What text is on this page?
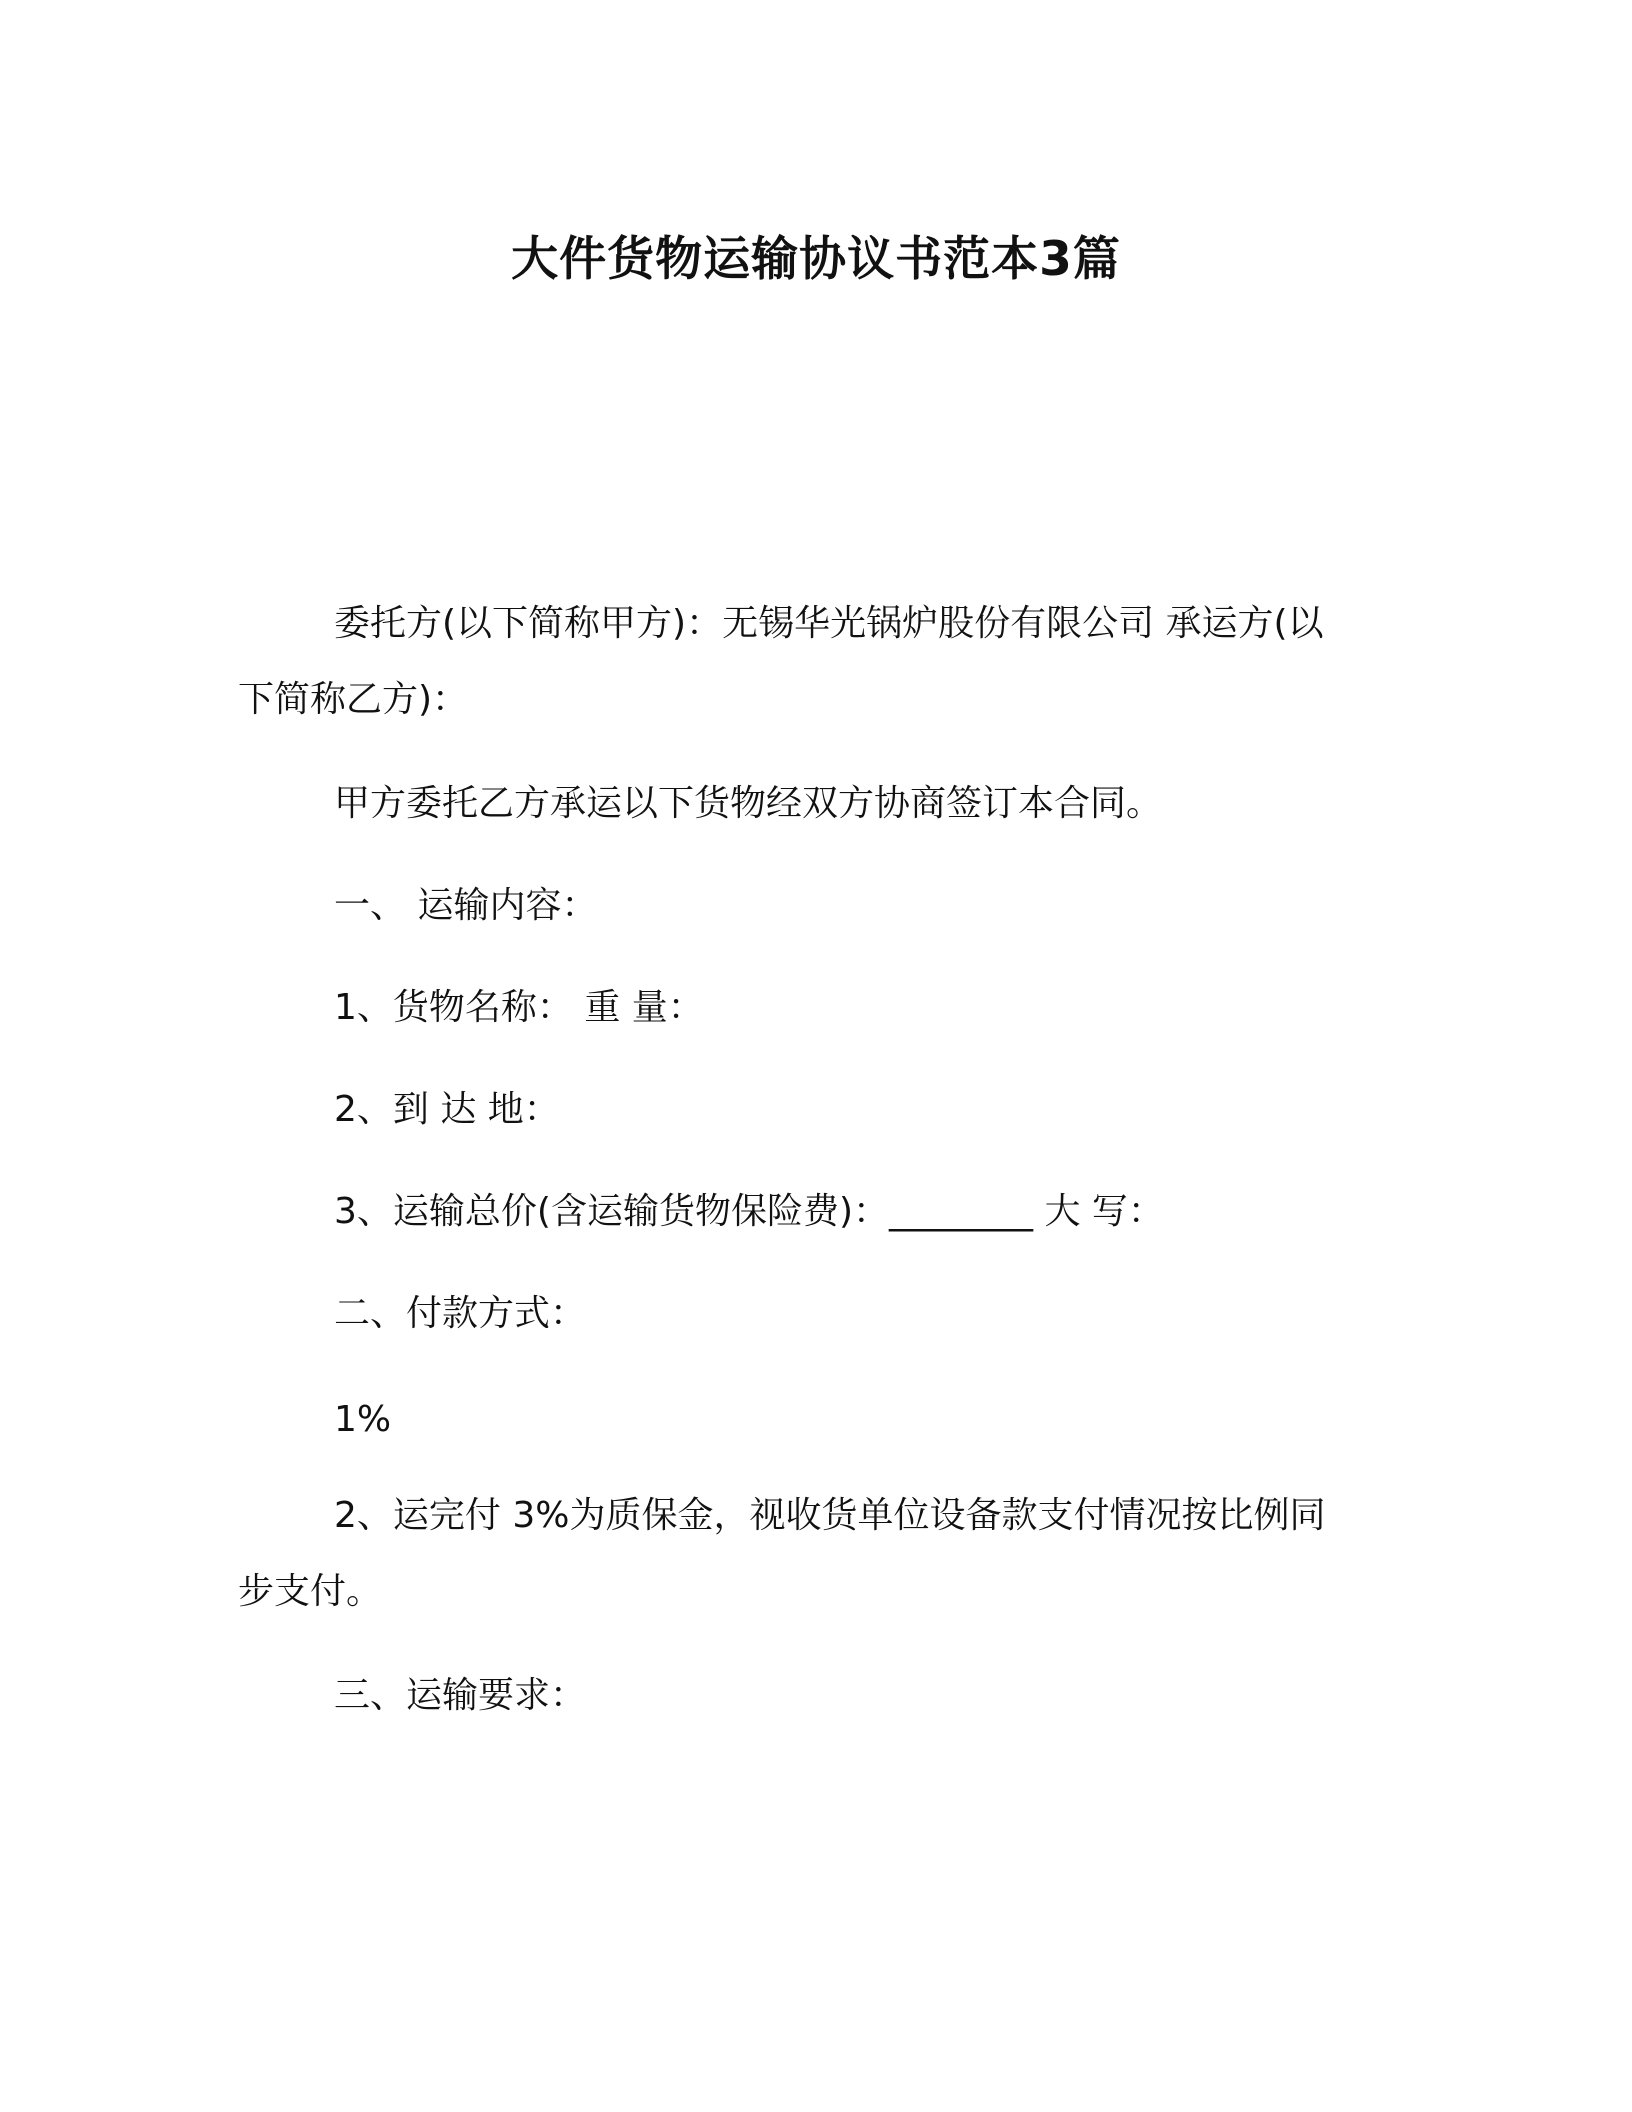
大件货物运输协议书范本3篇

委托方(以下简称甲方)：无锡华光锅炉股份有限公司 承运方(以下简称乙方)：

甲方委托乙方承运以下货物经双方协商签订本合同。

一、 运输内容：

1、货物名称： 重 量：

2、到 达 地：

3、运输总价(含运输货物保险费)：________ 大 写：

二、付款方式：

1%

2、运完付 3%为质保金，视收货单位设备款支付情况按比例同步支付。

三、运输要求：
